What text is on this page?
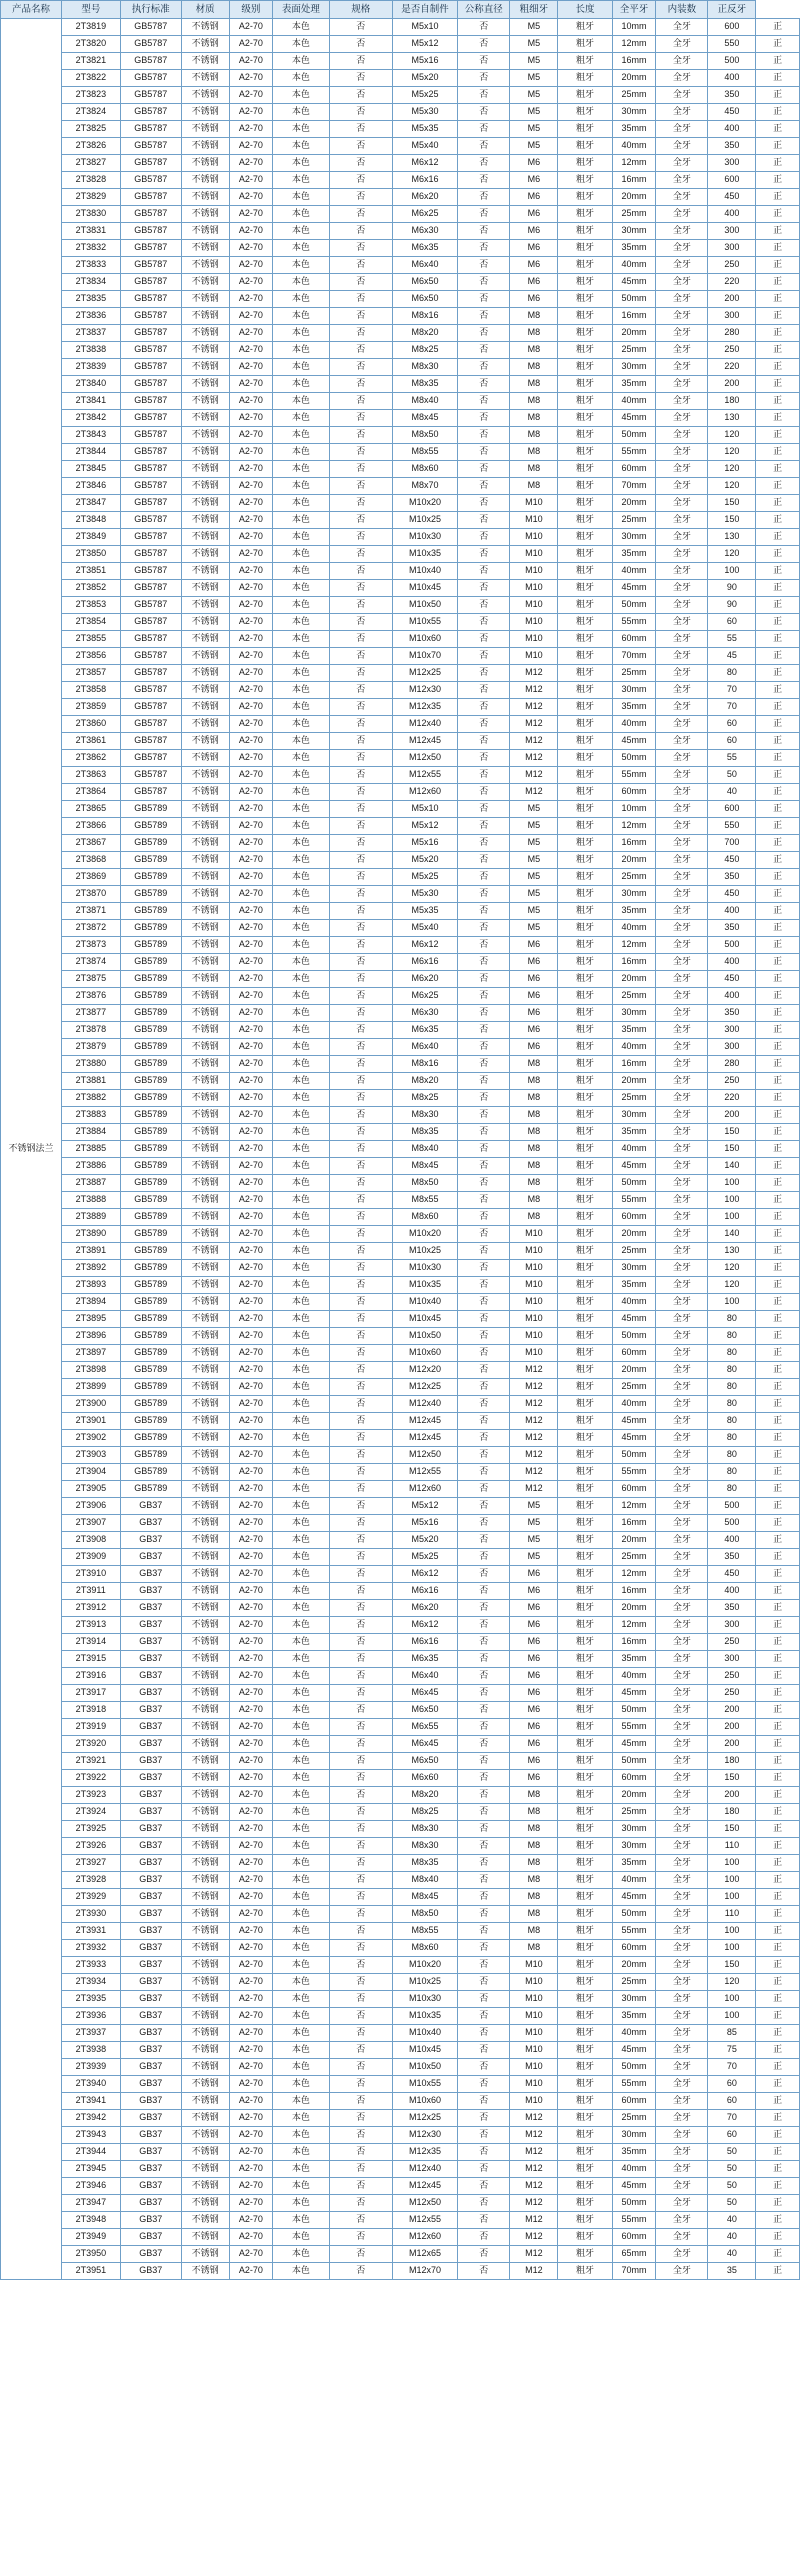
产品名称	型号	执行标准	材质	级别	表面处理	规格	是否自制件	公称直径	粗细牙	长度	全平牙	内装数	正反牙	
不锈钢法兰	2T3819	GB5787	不锈钢	A2-70	本色	否	M5x10	否	M5	粗牙	10mm	全牙	600	正
	2T3820	GB5787	不锈钢	A2-70	本色	否	M5x12	否	M5	粗牙	12mm	全牙	550	正
	2T3821	GB5787	不锈钢	A2-70	本色	否	M5x16	否	M5	粗牙	16mm	全牙	500	正
	2T3822	GB5787	不锈钢	A2-70	本色	否	M5x20	否	M5	粗牙	20mm	全牙	400	正
	2T3823	GB5787	不锈钢	A2-70	本色	否	M5x25	否	M5	粗牙	25mm	全牙	350	正
	2T3824	GB5787	不锈钢	A2-70	本色	否	M5x30	否	M5	粗牙	30mm	全牙	450	正
	2T3825	GB5787	不锈钢	A2-70	本色	否	M5x35	否	M5	粗牙	35mm	全牙	400	正
	2T3826	GB5787	不锈钢	A2-70	本色	否	M5x40	否	M5	粗牙	40mm	全牙	350	正
	2T3827	GB5787	不锈钢	A2-70	本色	否	M6x12	否	M6	粗牙	12mm	全牙	300	正
	2T3828	GB5787	不锈钢	A2-70	本色	否	M6x16	否	M6	粗牙	16mm	全牙	600	正
	2T3829	GB5787	不锈钢	A2-70	本色	否	M6x20	否	M6	粗牙	20mm	全牙	450	正
	2T3830	GB5787	不锈钢	A2-70	本色	否	M6x25	否	M6	粗牙	25mm	全牙	400	正
	2T3831	GB5787	不锈钢	A2-70	本色	否	M6x30	否	M6	粗牙	30mm	全牙	300	正
	2T3832	GB5787	不锈钢	A2-70	本色	否	M6x35	否	M6	粗牙	35mm	全牙	300	正
	2T3833	GB5787	不锈钢	A2-70	本色	否	M6x40	否	M6	粗牙	40mm	全牙	250	正
	2T3834	GB5787	不锈钢	A2-70	本色	否	M6x50	否	M6	粗牙	45mm	全牙	220	正
	2T3835	GB5787	不锈钢	A2-70	本色	否	M6x50	否	M6	粗牙	50mm	全牙	200	正
	2T3836	GB5787	不锈钢	A2-70	本色	否	M8x16	否	M8	粗牙	16mm	全牙	300	正
	2T3837	GB5787	不锈钢	A2-70	本色	否	M8x20	否	M8	粗牙	20mm	全牙	280	正
	2T3838	GB5787	不锈钢	A2-70	本色	否	M8x25	否	M8	粗牙	25mm	全牙	250	正
	2T3839	GB5787	不锈钢	A2-70	本色	否	M8x30	否	M8	粗牙	30mm	全牙	220	正
	2T3840	GB5787	不锈钢	A2-70	本色	否	M8x35	否	M8	粗牙	35mm	全牙	200	正
	2T3841	GB5787	不锈钢	A2-70	本色	否	M8x40	否	M8	粗牙	40mm	全牙	180	正
	2T3842	GB5787	不锈钢	A2-70	本色	否	M8x45	否	M8	粗牙	45mm	全牙	130	正
	2T3843	GB5787	不锈钢	A2-70	本色	否	M8x50	否	M8	粗牙	50mm	全牙	120	正
	2T3844	GB5787	不锈钢	A2-70	本色	否	M8x55	否	M8	粗牙	55mm	全牙	120	正
	2T3845	GB5787	不锈钢	A2-70	本色	否	M8x60	否	M8	粗牙	60mm	全牙	120	正
	2T3846	GB5787	不锈钢	A2-70	本色	否	M8x70	否	M8	粗牙	70mm	全牙	120	正
	2T3847	GB5787	不锈钢	A2-70	本色	否	M10x20	否	M10	粗牙	20mm	全牙	150	正
	2T3848	GB5787	不锈钢	A2-70	本色	否	M10x25	否	M10	粗牙	25mm	全牙	150	正
	2T3849	GB5787	不锈钢	A2-70	本色	否	M10x30	否	M10	粗牙	30mm	全牙	130	正
	2T3850	GB5787	不锈钢	A2-70	本色	否	M10x35	否	M10	粗牙	35mm	全牙	120	正
	2T3851	GB5787	不锈钢	A2-70	本色	否	M10x40	否	M10	粗牙	40mm	全牙	100	正
	2T3852	GB5787	不锈钢	A2-70	本色	否	M10x45	否	M10	粗牙	45mm	全牙	90	正
	2T3853	GB5787	不锈钢	A2-70	本色	否	M10x50	否	M10	粗牙	50mm	全牙	90	正
	2T3854	GB5787	不锈钢	A2-70	本色	否	M10x55	否	M10	粗牙	55mm	全牙	60	正
	2T3855	GB5787	不锈钢	A2-70	本色	否	M10x60	否	M10	粗牙	60mm	全牙	55	正
	2T3856	GB5787	不锈钢	A2-70	本色	否	M10x70	否	M10	粗牙	70mm	全牙	45	正
	2T3857	GB5787	不锈钢	A2-70	本色	否	M12x25	否	M12	粗牙	25mm	全牙	80	正
	2T3858	GB5787	不锈钢	A2-70	本色	否	M12x30	否	M12	粗牙	30mm	全牙	70	正
	2T3859	GB5787	不锈钢	A2-70	本色	否	M12x35	否	M12	粗牙	35mm	全牙	70	正
	2T3860	GB5787	不锈钢	A2-70	本色	否	M12x40	否	M12	粗牙	40mm	全牙	60	正
	2T3861	GB5787	不锈钢	A2-70	本色	否	M12x45	否	M12	粗牙	45mm	全牙	60	正
	2T3862	GB5787	不锈钢	A2-70	本色	否	M12x50	否	M12	粗牙	50mm	全牙	55	正
	2T3863	GB5787	不锈钢	A2-70	本色	否	M12x55	否	M12	粗牙	55mm	全牙	50	正
	2T3864	GB5787	不锈钢	A2-70	本色	否	M12x60	否	M12	粗牙	60mm	全牙	40	正
	2T3865	GB5789	不锈钢	A2-70	本色	否	M5x10	否	M5	粗牙	10mm	全牙	600	正
	2T3866	GB5789	不锈钢	A2-70	本色	否	M5x12	否	M5	粗牙	12mm	全牙	550	正
	2T3867	GB5789	不锈钢	A2-70	本色	否	M5x16	否	M5	粗牙	16mm	全牙	700	正
	2T3868	GB5789	不锈钢	A2-70	本色	否	M5x20	否	M5	粗牙	20mm	全牙	450	正
	2T3869	GB5789	不锈钢	A2-70	本色	否	M5x25	否	M5	粗牙	25mm	全牙	350	正
	2T3870	GB5789	不锈钢	A2-70	本色	否	M5x30	否	M5	粗牙	30mm	全牙	450	正
	2T3871	GB5789	不锈钢	A2-70	本色	否	M5x35	否	M5	粗牙	35mm	全牙	400	正
	2T3872	GB5789	不锈钢	A2-70	本色	否	M5x40	否	M5	粗牙	40mm	全牙	350	正
	2T3873	GB5789	不锈钢	A2-70	本色	否	M6x12	否	M6	粗牙	12mm	全牙	500	正
	2T3874	GB5789	不锈钢	A2-70	本色	否	M6x16	否	M6	粗牙	16mm	全牙	400	正
	2T3875	GB5789	不锈钢	A2-70	本色	否	M6x20	否	M6	粗牙	20mm	全牙	450	正
	2T3876	GB5789	不锈钢	A2-70	本色	否	M6x25	否	M6	粗牙	25mm	全牙	400	正
	2T3877	GB5789	不锈钢	A2-70	本色	否	M6x30	否	M6	粗牙	30mm	全牙	350	正
	2T3878	GB5789	不锈钢	A2-70	本色	否	M6x35	否	M6	粗牙	35mm	全牙	300	正
	2T3879	GB5789	不锈钢	A2-70	本色	否	M6x40	否	M6	粗牙	40mm	全牙	300	正
	2T3880	GB5789	不锈钢	A2-70	本色	否	M8x16	否	M8	粗牙	16mm	全牙	280	正
	2T3881	GB5789	不锈钢	A2-70	本色	否	M8x20	否	M8	粗牙	20mm	全牙	250	正
	2T3882	GB5789	不锈钢	A2-70	本色	否	M8x25	否	M8	粗牙	25mm	全牙	220	正
	2T3883	GB5789	不锈钢	A2-70	本色	否	M8x30	否	M8	粗牙	30mm	全牙	200	正
	2T3884	GB5789	不锈钢	A2-70	本色	否	M8x35	否	M8	粗牙	35mm	全牙	150	正
	2T3885	GB5789	不锈钢	A2-70	本色	否	M8x40	否	M8	粗牙	40mm	全牙	150	正
	2T3886	GB5789	不锈钢	A2-70	本色	否	M8x45	否	M8	粗牙	45mm	全牙	140	正
	2T3887	GB5789	不锈钢	A2-70	本色	否	M8x50	否	M8	粗牙	50mm	全牙	100	正
	2T3888	GB5789	不锈钢	A2-70	本色	否	M8x55	否	M8	粗牙	55mm	全牙	100	正
	2T3889	GB5789	不锈钢	A2-70	本色	否	M8x60	否	M8	粗牙	60mm	全牙	100	正
	2T3890	GB5789	不锈钢	A2-70	本色	否	M10x20	否	M10	粗牙	20mm	全牙	140	正
	2T3891	GB5789	不锈钢	A2-70	本色	否	M10x25	否	M10	粗牙	25mm	全牙	130	正
	2T3892	GB5789	不锈钢	A2-70	本色	否	M10x30	否	M10	粗牙	30mm	全牙	120	正
	2T3893	GB5789	不锈钢	A2-70	本色	否	M10x35	否	M10	粗牙	35mm	全牙	120	正
	2T3894	GB5789	不锈钢	A2-70	本色	否	M10x40	否	M10	粗牙	40mm	全牙	100	正
	2T3895	GB5789	不锈钢	A2-70	本色	否	M10x45	否	M10	粗牙	45mm	全牙	80	正
	2T3896	GB5789	不锈钢	A2-70	本色	否	M10x50	否	M10	粗牙	50mm	全牙	80	正
	2T3897	GB5789	不锈钢	A2-70	本色	否	M10x60	否	M10	粗牙	60mm	全牙	80	正
	2T3898	GB5789	不锈钢	A2-70	本色	否	M12x20	否	M12	粗牙	20mm	全牙	80	正
	2T3899	GB5789	不锈钢	A2-70	本色	否	M12x25	否	M12	粗牙	25mm	全牙	80	正
	2T3900	GB5789	不锈钢	A2-70	本色	否	M12x40	否	M12	粗牙	40mm	全牙	80	正
	2T3901	GB5789	不锈钢	A2-70	本色	否	M12x45	否	M12	粗牙	45mm	全牙	80	正
	2T3902	GB5789	不锈钢	A2-70	本色	否	M12x45	否	M12	粗牙	45mm	全牙	80	正
	2T3903	GB5789	不锈钢	A2-70	本色	否	M12x50	否	M12	粗牙	50mm	全牙	80	正
	2T3904	GB5789	不锈钢	A2-70	本色	否	M12x55	否	M12	粗牙	55mm	全牙	80	正
	2T3905	GB5789	不锈钢	A2-70	本色	否	M12x60	否	M12	粗牙	60mm	全牙	80	正
	2T3906	GB37	不锈钢	A2-70	本色	否	M5x12	否	M5	粗牙	12mm	全牙	500	正
	2T3907	GB37	不锈钢	A2-70	本色	否	M5x16	否	M5	粗牙	16mm	全牙	500	正
	2T3908	GB37	不锈钢	A2-70	本色	否	M5x20	否	M5	粗牙	20mm	全牙	400	正
	2T3909	GB37	不锈钢	A2-70	本色	否	M5x25	否	M5	粗牙	25mm	全牙	350	正
	2T3910	GB37	不锈钢	A2-70	本色	否	M6x12	否	M6	粗牙	12mm	全牙	450	正
	2T3911	GB37	不锈钢	A2-70	本色	否	M6x16	否	M6	粗牙	16mm	全牙	400	正
	2T3912	GB37	不锈钢	A2-70	本色	否	M6x20	否	M6	粗牙	20mm	全牙	350	正
	2T3913	GB37	不锈钢	A2-70	本色	否	M6x12	否	M6	粗牙	12mm	全牙	300	正
	2T3914	GB37	不锈钢	A2-70	本色	否	M6x16	否	M6	粗牙	16mm	全牙	250	正
	2T3915	GB37	不锈钢	A2-70	本色	否	M6x35	否	M6	粗牙	35mm	全牙	300	正
	2T3916	GB37	不锈钢	A2-70	本色	否	M6x40	否	M6	粗牙	40mm	全牙	250	正
	2T3917	GB37	不锈钢	A2-70	本色	否	M6x45	否	M6	粗牙	45mm	全牙	250	正
	2T3918	GB37	不锈钢	A2-70	本色	否	M6x50	否	M6	粗牙	50mm	全牙	200	正
	2T3919	GB37	不锈钢	A2-70	本色	否	M6x55	否	M6	粗牙	55mm	全牙	200	正
	2T3920	GB37	不锈钢	A2-70	本色	否	M6x45	否	M6	粗牙	45mm	全牙	200	正
	2T3921	GB37	不锈钢	A2-70	本色	否	M6x50	否	M6	粗牙	50mm	全牙	180	正
	2T3922	GB37	不锈钢	A2-70	本色	否	M6x60	否	M6	粗牙	60mm	全牙	150	正
	2T3923	GB37	不锈钢	A2-70	本色	否	M8x20	否	M8	粗牙	20mm	全牙	200	正
	2T3924	GB37	不锈钢	A2-70	本色	否	M8x25	否	M8	粗牙	25mm	全牙	180	正
	2T3925	GB37	不锈钢	A2-70	本色	否	M8x30	否	M8	粗牙	30mm	全牙	150	正
	2T3926	GB37	不锈钢	A2-70	本色	否	M8x30	否	M8	粗牙	30mm	全牙	110	正
	2T3927	GB37	不锈钢	A2-70	本色	否	M8x35	否	M8	粗牙	35mm	全牙	100	正
	2T3928	GB37	不锈钢	A2-70	本色	否	M8x40	否	M8	粗牙	40mm	全牙	100	正
	2T3929	GB37	不锈钢	A2-70	本色	否	M8x45	否	M8	粗牙	45mm	全牙	100	正
	2T3930	GB37	不锈钢	A2-70	本色	否	M8x50	否	M8	粗牙	50mm	全牙	110	正
	2T3931	GB37	不锈钢	A2-70	本色	否	M8x55	否	M8	粗牙	55mm	全牙	100	正
	2T3932	GB37	不锈钢	A2-70	本色	否	M8x60	否	M8	粗牙	60mm	全牙	100	正
	2T3933	GB37	不锈钢	A2-70	本色	否	M10x20	否	M10	粗牙	20mm	全牙	150	正
	2T3934	GB37	不锈钢	A2-70	本色	否	M10x25	否	M10	粗牙	25mm	全牙	120	正
	2T3935	GB37	不锈钢	A2-70	本色	否	M10x30	否	M10	粗牙	30mm	全牙	100	正
	2T3936	GB37	不锈钢	A2-70	本色	否	M10x35	否	M10	粗牙	35mm	全牙	100	正
	2T3937	GB37	不锈钢	A2-70	本色	否	M10x40	否	M10	粗牙	40mm	全牙	85	正
	2T3938	GB37	不锈钢	A2-70	本色	否	M10x45	否	M10	粗牙	45mm	全牙	75	正
	2T3939	GB37	不锈钢	A2-70	本色	否	M10x50	否	M10	粗牙	50mm	全牙	70	正
	2T3940	GB37	不锈钢	A2-70	本色	否	M10x55	否	M10	粗牙	55mm	全牙	60	正
	2T3941	GB37	不锈钢	A2-70	本色	否	M10x60	否	M10	粗牙	60mm	全牙	60	正
	2T3942	GB37	不锈钢	A2-70	本色	否	M12x25	否	M12	粗牙	25mm	全牙	70	正
	2T3943	GB37	不锈钢	A2-70	本色	否	M12x30	否	M12	粗牙	30mm	全牙	60	正
	2T3944	GB37	不锈钢	A2-70	本色	否	M12x35	否	M12	粗牙	35mm	全牙	50	正
	2T3945	GB37	不锈钢	A2-70	本色	否	M12x40	否	M12	粗牙	40mm	全牙	50	正
	2T3946	GB37	不锈钢	A2-70	本色	否	M12x45	否	M12	粗牙	45mm	全牙	50	正
	2T3947	GB37	不锈钢	A2-70	本色	否	M12x50	否	M12	粗牙	50mm	全牙	50	正
	2T3948	GB37	不锈钢	A2-70	本色	否	M12x55	否	M12	粗牙	55mm	全牙	40	正
	2T3949	GB37	不锈钢	A2-70	本色	否	M12x60	否	M12	粗牙	60mm	全牙	40	正
	2T3950	GB37	不锈钢	A2-70	本色	否	M12x65	否	M12	粗牙	65mm	全牙	40	正
	2T3951	GB37	不锈钢	A2-70	本色	否	M12x70	否	M12	粗牙	70mm	全牙	35	正
